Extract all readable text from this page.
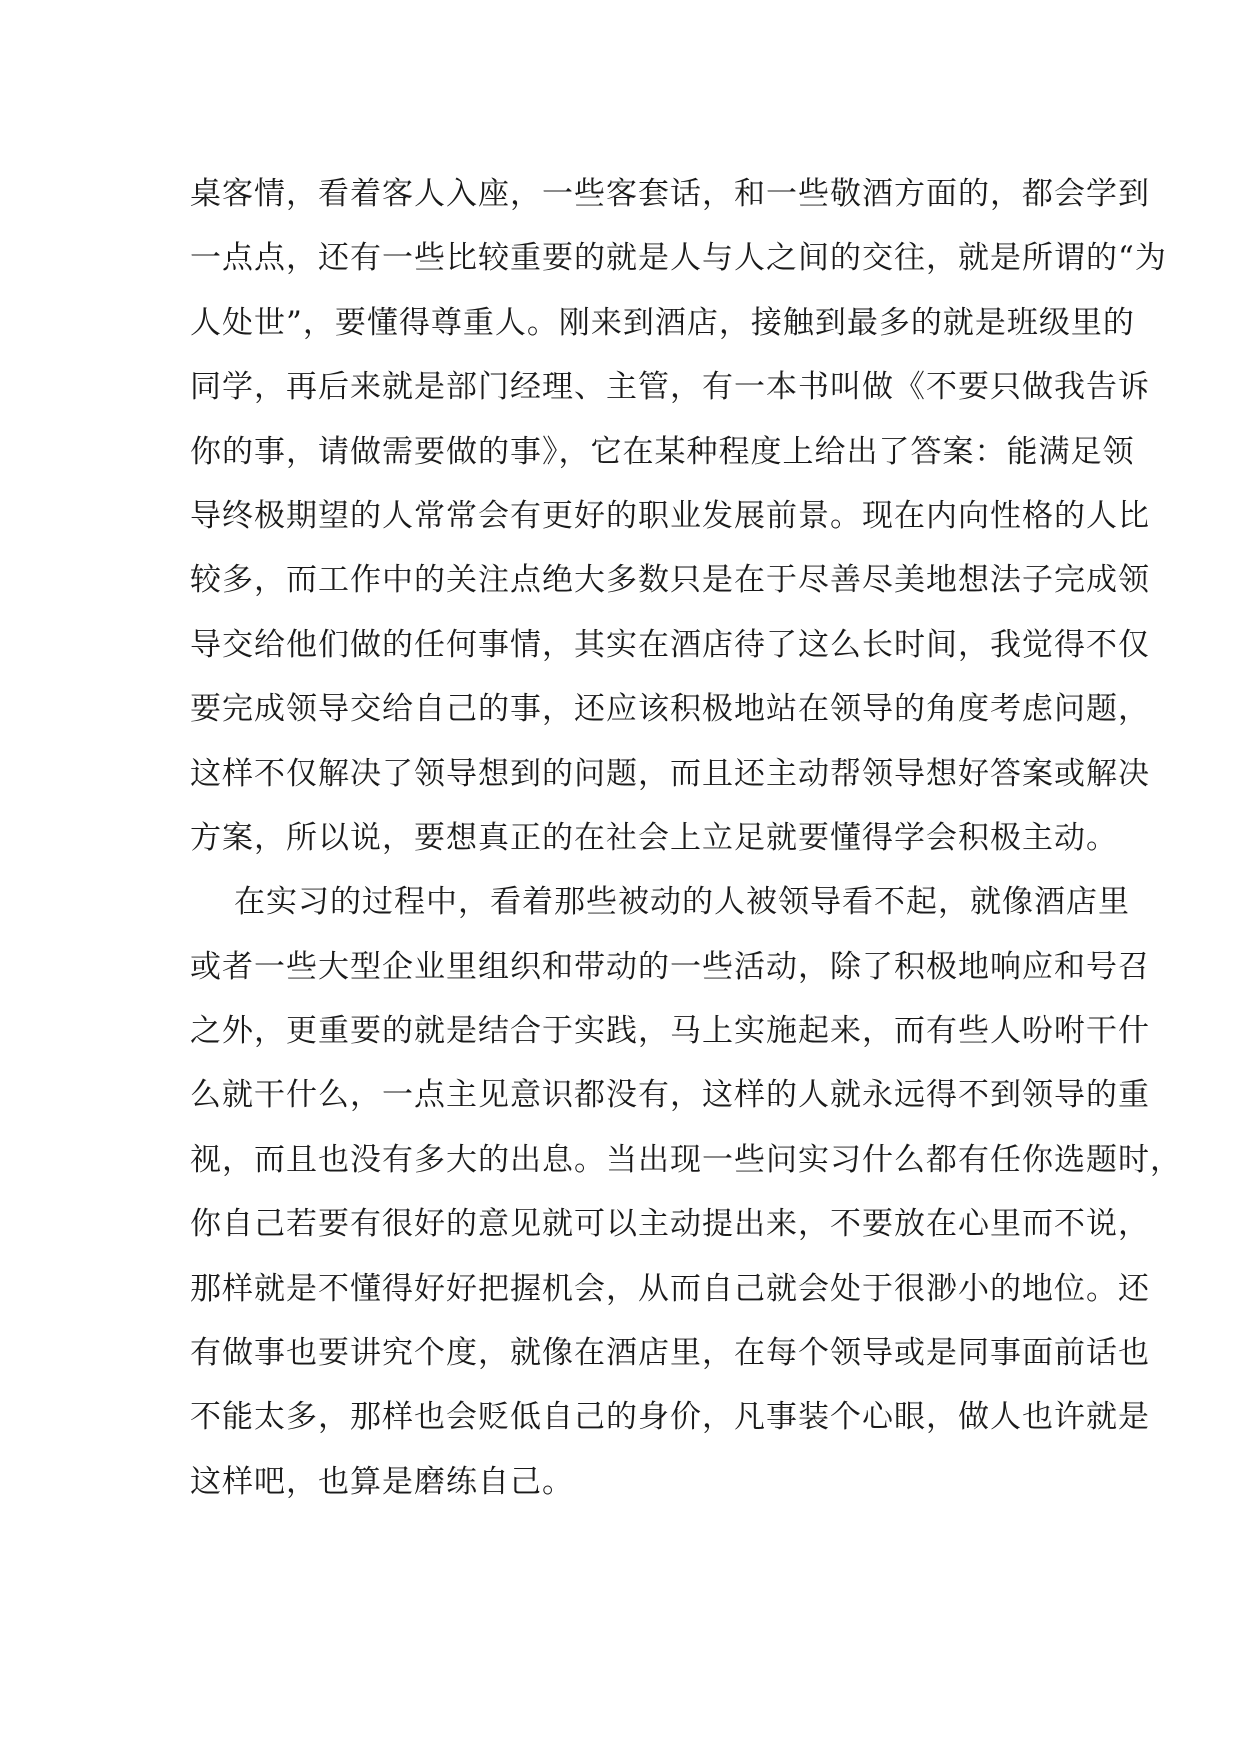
桌客情，看着客人入座，一些客套话，和一些敬酒方面的，都会学到
一点点，还有一些比较重要的就是人与人之间的交往，就是所谓的“为
人处世”，要懂得尊重人。刚来到酒店，接触到最多的就是班级里的
同学，再后来就是部门经理、主管，有一本书叫做《不要只做我告诉
你的事，请做需要做的事》，它在某种程度上给出了答案：能满足领
导终极期望的人常常会有更好的职业发展前景。现在内向性格的人比
较多，而工作中的关注点绝大多数只是在于尽善尽美地想法子完成领
导交给他们做的任何事情，其实在酒店待了这么长时间，我觉得不仅
要完成领导交给自己的事，还应该积极地站在领导的角度考虑问题，
这样不仅解决了领导想到的问题，而且还主动帮领导想好答案或解决
方案，所以说，要想真正的在社会上立足就要懂得学会积极主动。
在实习的过程中，看着那些被动的人被领导看不起，就像酒店里
或者一些大型企业里组织和带动的一些活动，除了积极地响应和号召
之外，更重要的就是结合于实践，马上实施起来，而有些人吩咐干什
么就干什么，一点主见意识都没有，这样的人就永远得不到领导的重
视，而且也没有多大的出息。当出现一些问实习什么都有任你选题时，
你自己若要有很好的意见就可以主动提出来，不要放在心里而不说，
那样就是不懂得好好把握机会，从而自己就会处于很渺小的地位。还
有做事也要讲究个度，就像在酒店里，在每个领导或是同事面前话也
不能太多，那样也会贬低自己的身价，凡事装个心眼，做人也许就是
这样吧，也算是磨练自己。
